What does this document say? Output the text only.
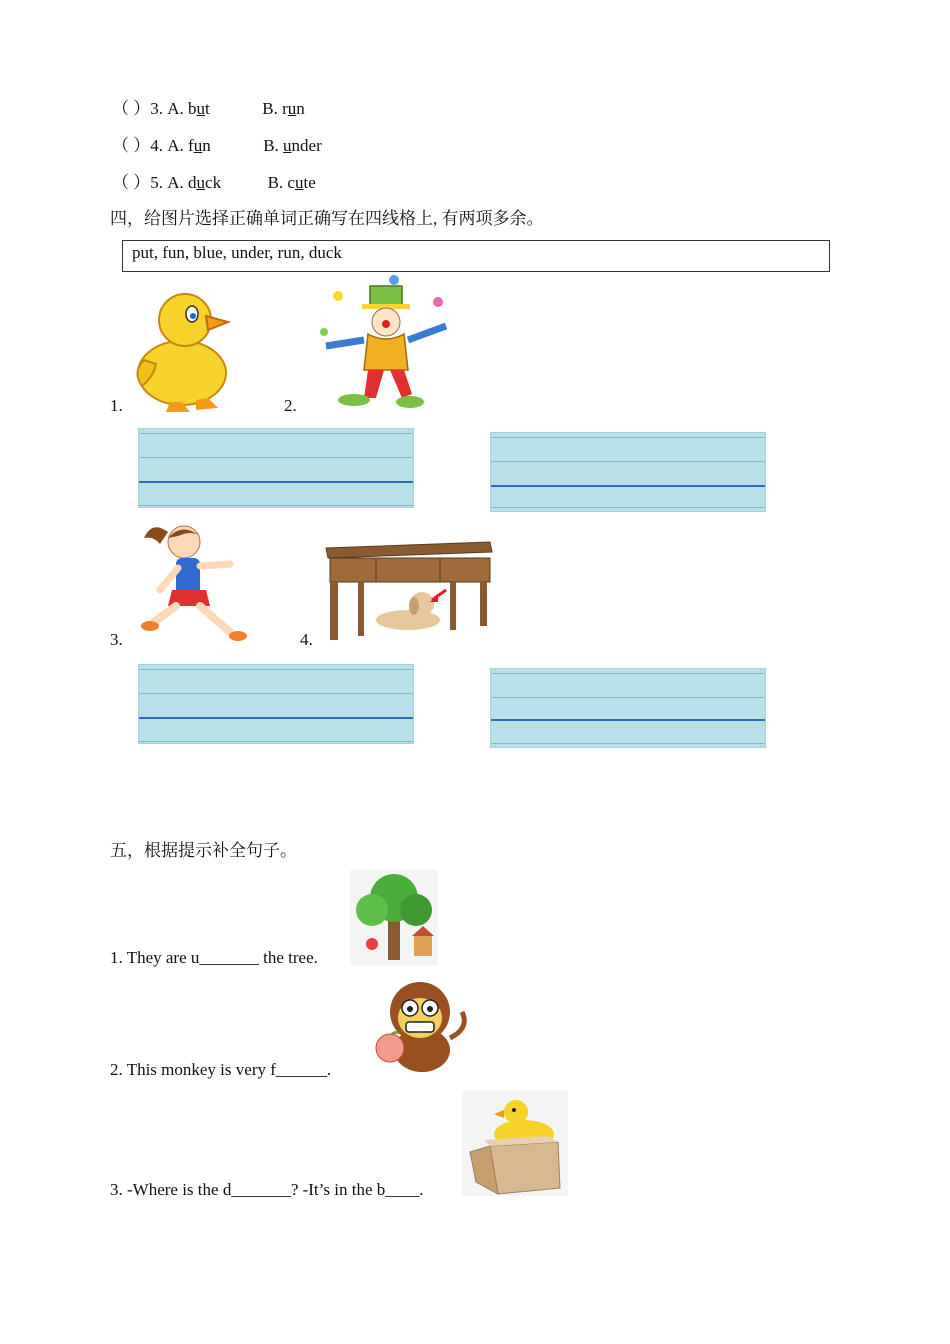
（ ）3. A. but	B. run
（ ）4. A. fun	B. under
（ ）5. A. duck	B. cute
四，给图片选择正确单词正确写在四线格上, 有两项多余。
put, fun, blue, under, run, duck
1.	2.
3.	4.
五，根据提示补全句子。
1. They are u_______ the tree.
2. This monkey is very f______.
3. -Where is the d_______? -It’s in the b____.
